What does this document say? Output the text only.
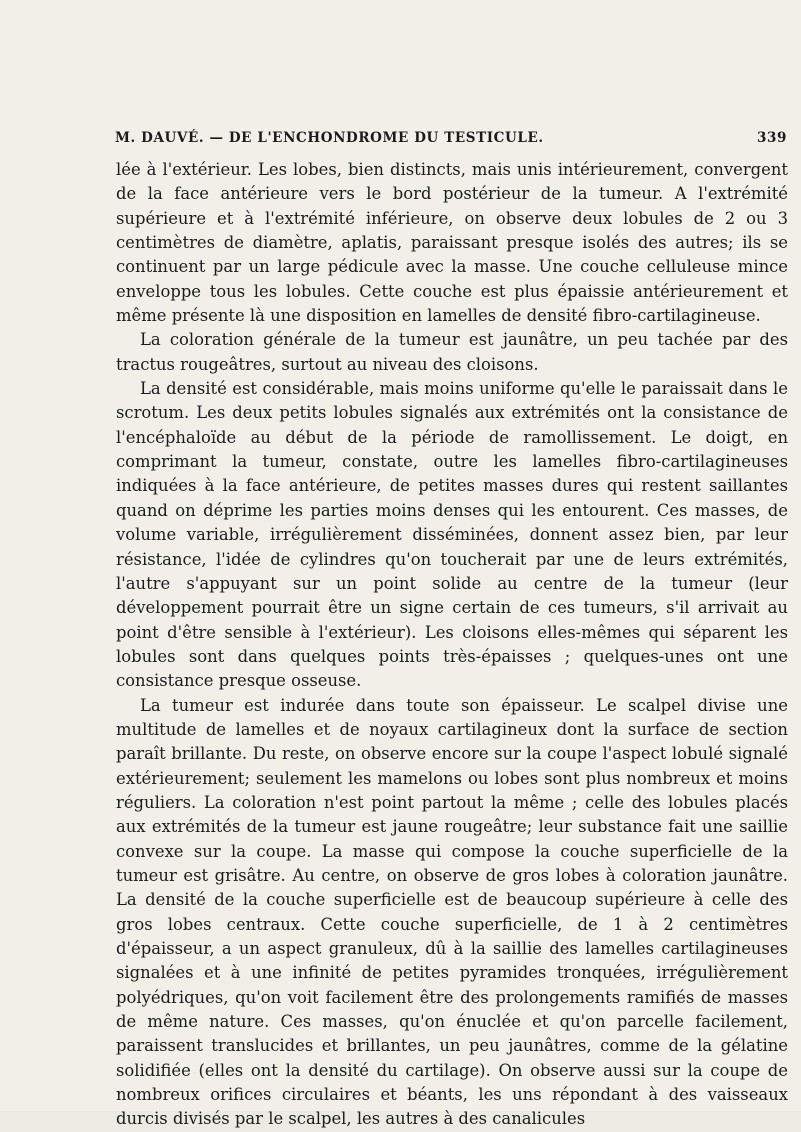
M. DAUVÉ. — DE L'ENCHONDROME DU TESTICULE.	339

lée à l'extérieur. Les lobes, bien distincts, mais unis intérieurement, convergent de la face antérieure vers le bord postérieur de la tumeur. A l'extrémité supérieure et à l'extrémité inférieure, on observe deux lobules de 2 ou 3 centimètres de diamètre, aplatis, paraissant presque isolés des autres; ils se continuent par un large pédicule avec la masse. Une couche celluleuse mince enveloppe tous les lobules. Cette couche est plus épaissie antérieurement et même présente là une disposition en lamelles de densité fibro-cartilagineuse.

La coloration générale de la tumeur est jaunâtre, un peu tachée par des tractus rougeâtres, surtout au niveau des cloisons.

La densité est considérable, mais moins uniforme qu'elle le paraissait dans le scrotum. Les deux petits lobules signalés aux extrémités ont la consistance de l'encéphaloïde au début de la période de ramollissement. Le doigt, en comprimant la tumeur, constate, outre les lamelles fibro-cartilagineuses indiquées à la face antérieure, de petites masses dures qui restent saillantes quand on déprime les parties moins denses qui les entourent. Ces masses, de volume variable, irrégulièrement disséminées, donnent assez bien, par leur résistance, l'idée de cylindres qu'on toucherait par une de leurs extrémités, l'autre s'appuyant sur un point solide au centre de la tumeur (leur développement pourrait être un signe certain de ces tumeurs, s'il arrivait au point d'être sensible à l'extérieur). Les cloisons elles-mêmes qui séparent les lobules sont dans quelques points très-épaisses ; quelques-unes ont une consistance presque osseuse.

La tumeur est indurée dans toute son épaisseur. Le scalpel divise une multitude de lamelles et de noyaux cartilagineux dont la surface de section paraît brillante. Du reste, on observe encore sur la coupe l'aspect lobulé signalé extérieurement; seulement les mamelons ou lobes sont plus nombreux et moins réguliers. La coloration n'est point partout la même ; celle des lobules placés aux extrémités de la tumeur est jaune rougeâtre; leur substance fait une saillie convexe sur la coupe. La masse qui compose la couche superficielle de la tumeur est grisâtre. Au centre, on observe de gros lobes à coloration jaunâtre. La densité de la couche superficielle est de beaucoup supérieure à celle des gros lobes centraux. Cette couche superficielle, de 1 à 2 centimètres d'épaisseur, a un aspect granuleux, dû à la saillie des lamelles cartilagineuses signalées et à une infinité de petites pyramides tronquées, irrégulièrement polyédriques, qu'on voit facilement être des prolongements ramifiés de masses de même nature. Ces masses, qu'on énuclée et qu'on parcelle facilement, paraissent translucides et brillantes, un peu jaunâtres, comme de la gélatine solidifiée (elles ont la densité du cartilage). On observe aussi sur la coupe de nombreux orifices circulaires et béants, les uns répondant à des vaisseaux durcis divisés par le scalpel, les autres à des canalicules
